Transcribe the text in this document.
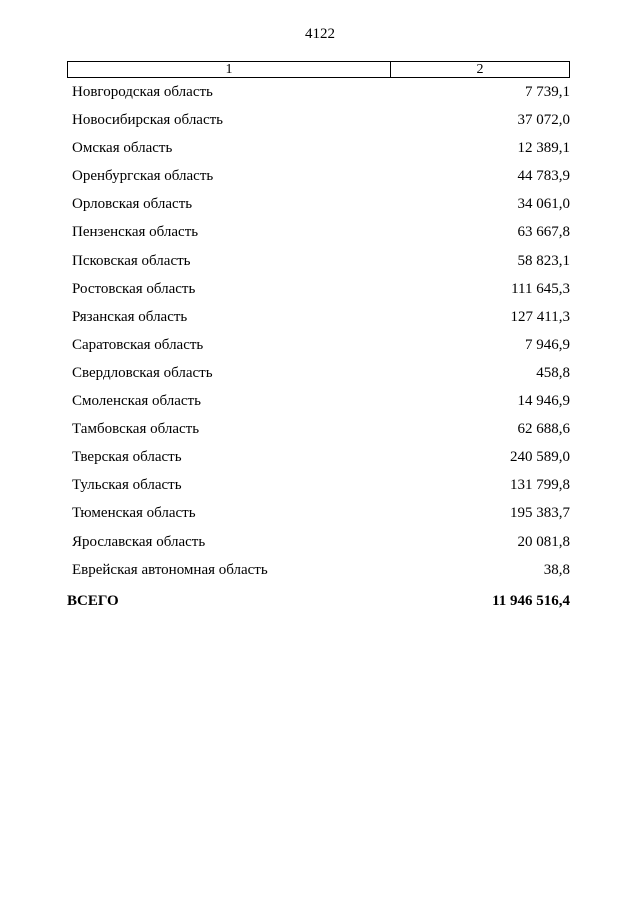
4122
1	2
Новгородская область	7 739,1
Новосибирская область	37 072,0
Омская область	12 389,1
Оренбургская область	44 783,9
Орловская область	34 061,0
Пензенская область	63 667,8
Псковская область	58 823,1
Ростовская область	111 645,3
Рязанская область	127 411,3
Саратовская область	7 946,9
Свердловская область	458,8
Смоленская область	14 946,9
Тамбовская область	62 688,6
Тверская область	240 589,0
Тульская область	131 799,8
Тюменская область	195 383,7
Ярославская область	20 081,8
Еврейская автономная область	38,8
ВСЕГО	11 946 516,4
